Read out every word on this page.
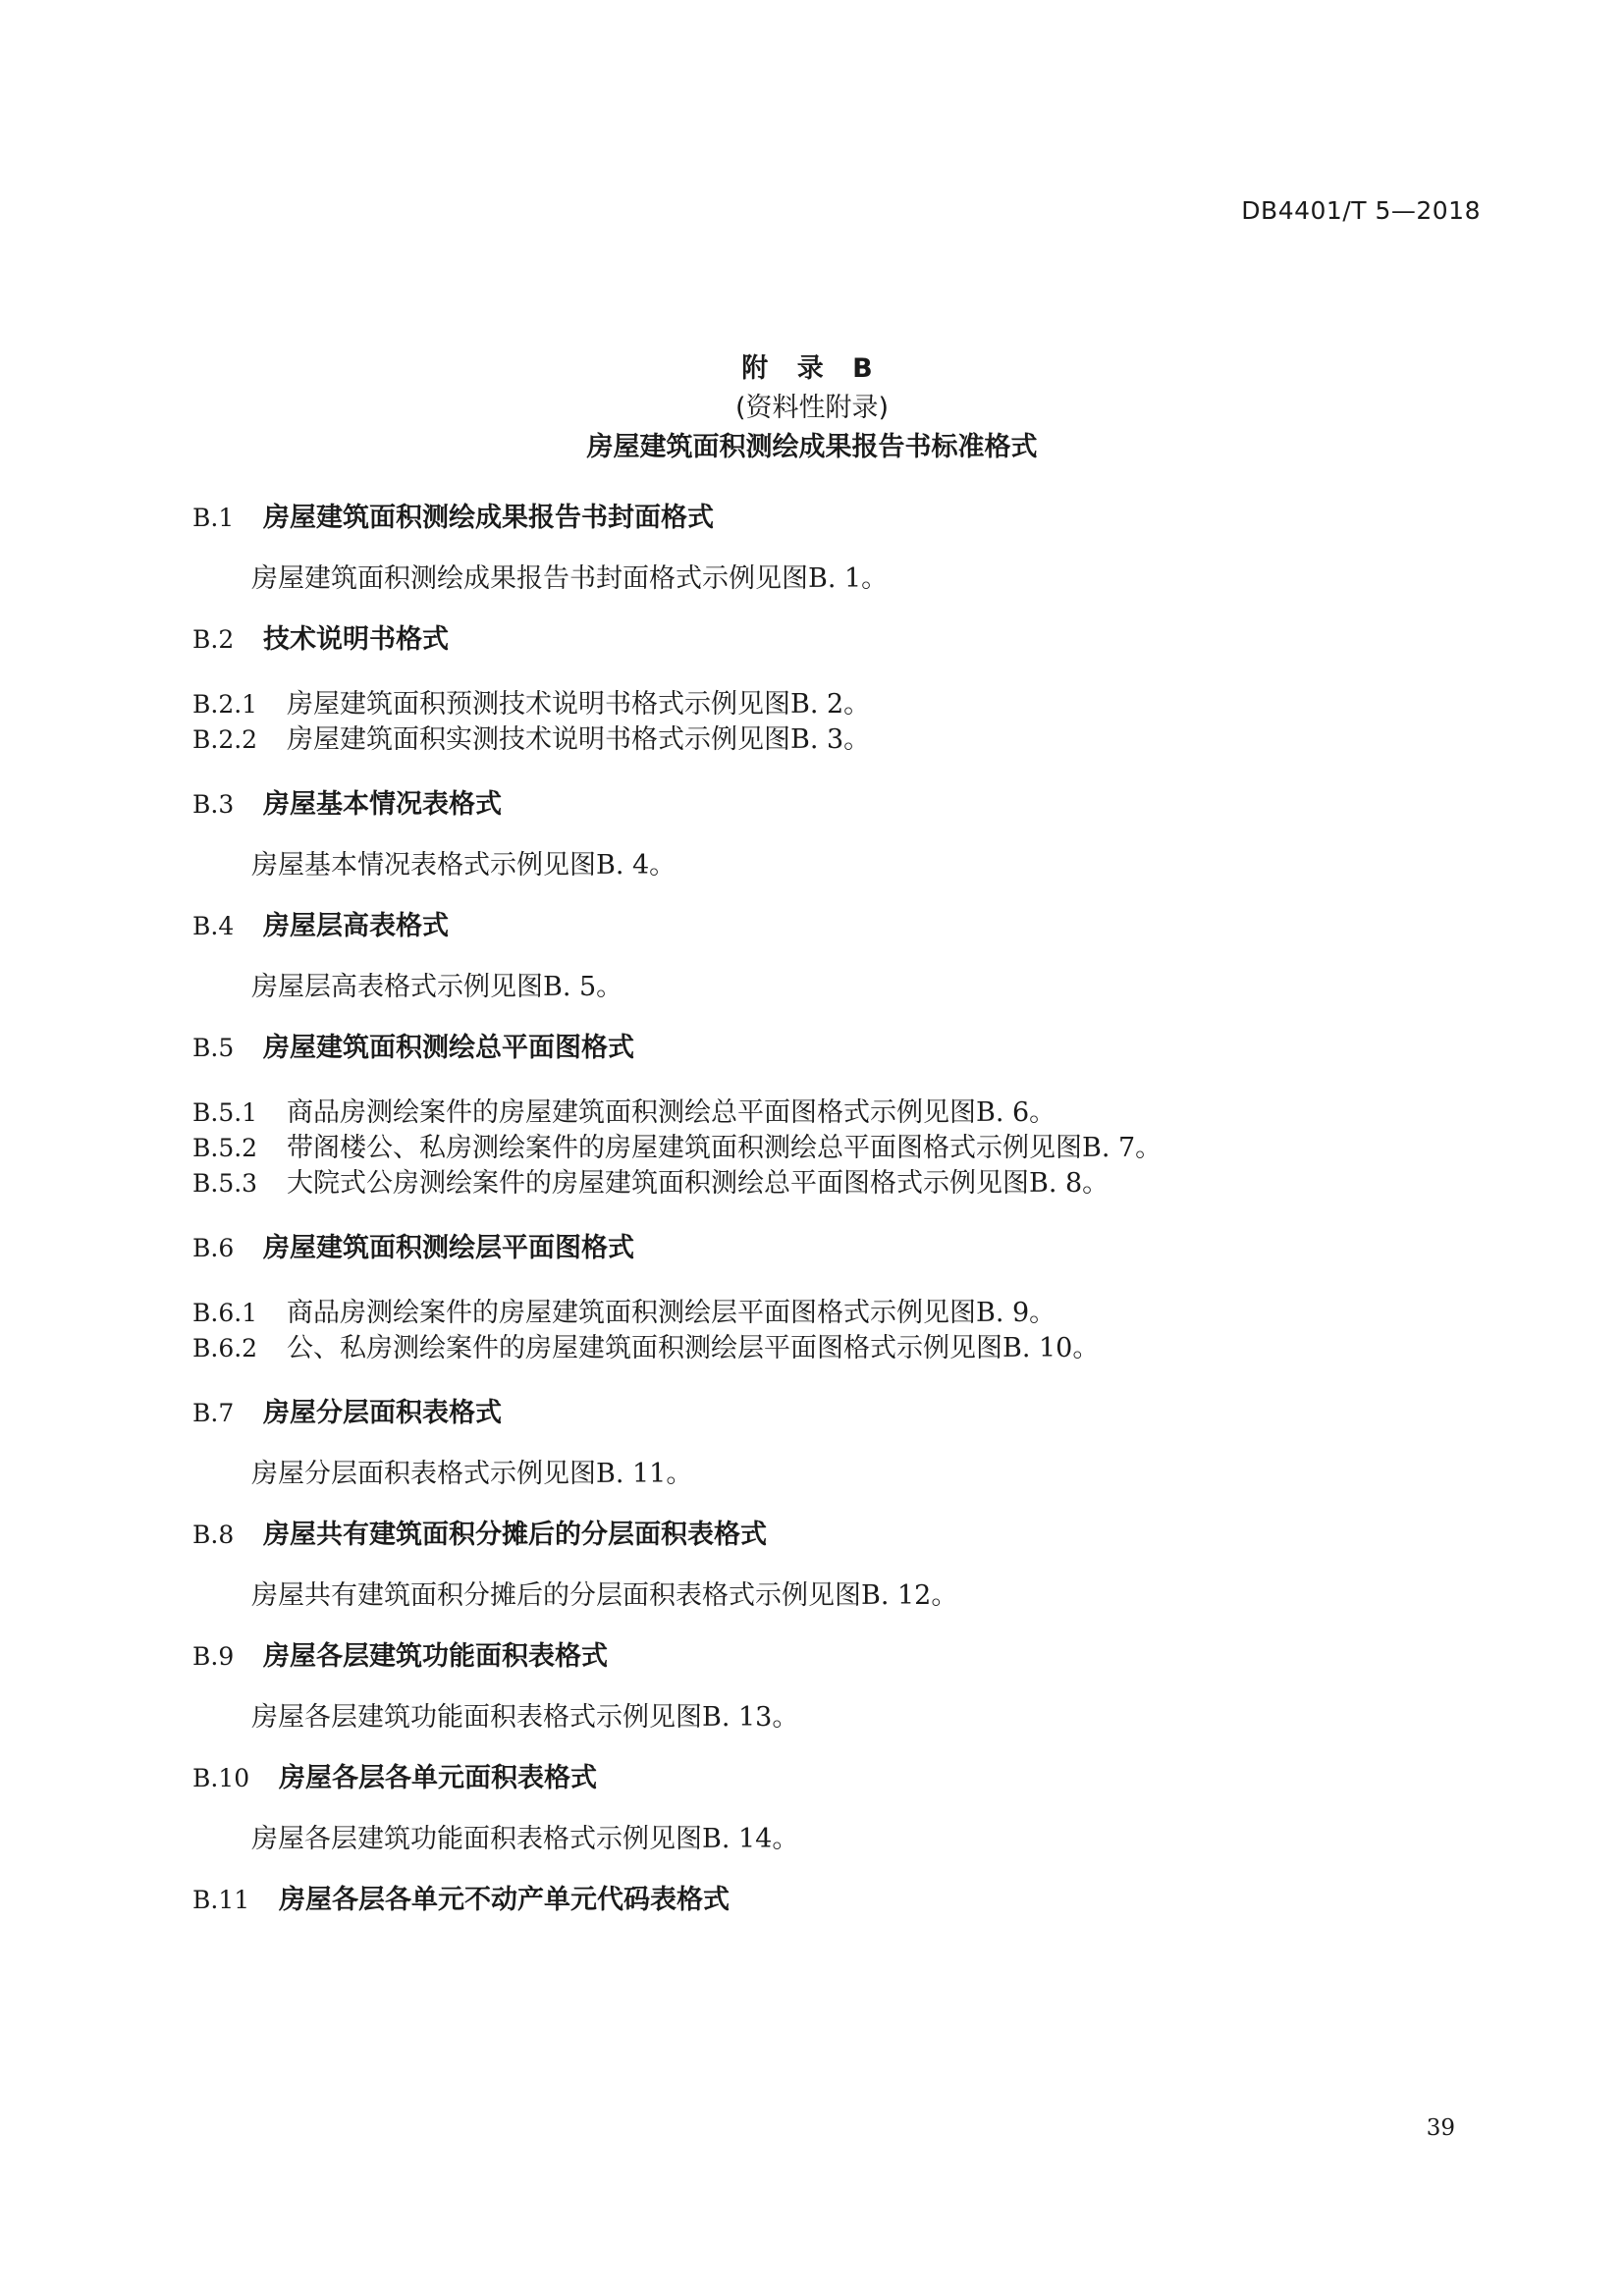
DB4401/T 5—2018
附 录 B
(资料性附录)
房屋建筑面积测绘成果报告书标准格式
B.1	房屋建筑面积测绘成果报告书封面格式
房屋建筑面积测绘成果报告书封面格式示例见图B. 1。
B.2	技术说明书格式
B.2.1	房屋建筑面积预测技术说明书格式示例见图B. 2。
B.2.2	房屋建筑面积实测技术说明书格式示例见图B. 3。
B.3	房屋基本情况表格式
房屋基本情况表格式示例见图B. 4。
B.4	房屋层高表格式
房屋层高表格式示例见图B. 5。
B.5	房屋建筑面积测绘总平面图格式
B.5.1	商品房测绘案件的房屋建筑面积测绘总平面图格式示例见图B. 6。
B.5.2	带阁楼公、私房测绘案件的房屋建筑面积测绘总平面图格式示例见图B. 7。
B.5.3	大院式公房测绘案件的房屋建筑面积测绘总平面图格式示例见图B. 8。
B.6	房屋建筑面积测绘层平面图格式
B.6.1	商品房测绘案件的房屋建筑面积测绘层平面图格式示例见图B. 9。
B.6.2	公、私房测绘案件的房屋建筑面积测绘层平面图格式示例见图B. 10。
B.7	房屋分层面积表格式
房屋分层面积表格式示例见图B. 11。
B.8	房屋共有建筑面积分摊后的分层面积表格式
房屋共有建筑面积分摊后的分层面积表格式示例见图B. 12。
B.9	房屋各层建筑功能面积表格式
房屋各层建筑功能面积表格式示例见图B. 13。
B.10	房屋各层各单元面积表格式
房屋各层建筑功能面积表格式示例见图B. 14。
B.11	房屋各层各单元不动产单元代码表格式
39
